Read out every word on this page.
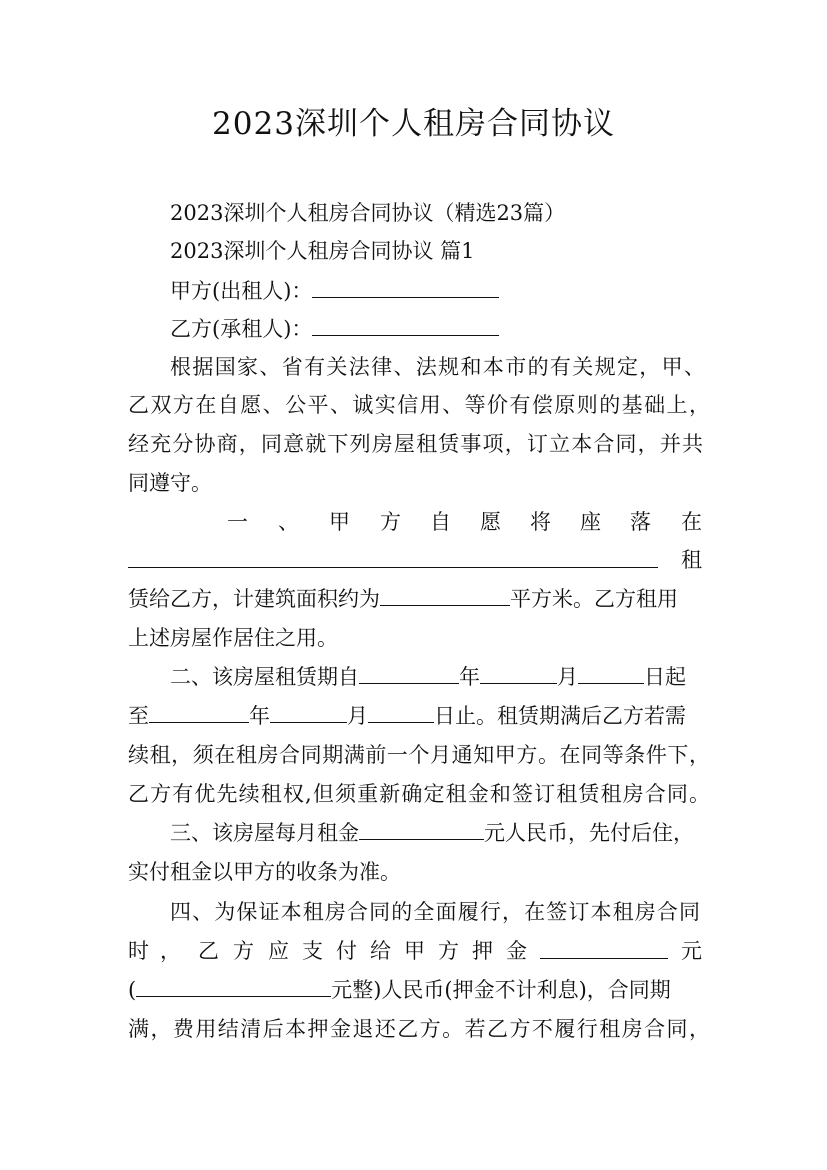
2023深圳个人租房合同协议
2023深圳个人租房合同协议（精选23篇）
2023深圳个人租房合同协议 篇1
甲方(出租人)：
乙方(承租人)：
根据国家、省有关法律、法规和本市的有关规定，甲、
乙双方在自愿、公平、诚实信用、等价有偿原则的基础上，
经充分协商，同意就下列房屋租赁事项，订立本合同，并共
同遵守。
一 、 甲 方 自 愿 将 座 落 在
租
赁给乙方，计建筑面积约为	平方米。乙方租用
上述房屋作居住之用。
二、该房屋租赁期自	年	月	日起
至	年	月	日止。租赁期满后乙方若需
续租，须在租房合同期满前一个月通知甲方。在同等条件下，
乙方有优先续租权,但须重新确定租金和签订租赁租房合同。
三、该房屋每月租金	元人民币，先付后住，
实付租金以甲方的收条为准。
四、为保证本租房合同的全面履行，在签订本租房合同
时 ， 乙 方 应 支 付 给 甲 方 押 金	元
(	元整)人民币(押金不计利息)，合同期
满，费用结清后本押金退还乙方。若乙方不履行租房合同，
